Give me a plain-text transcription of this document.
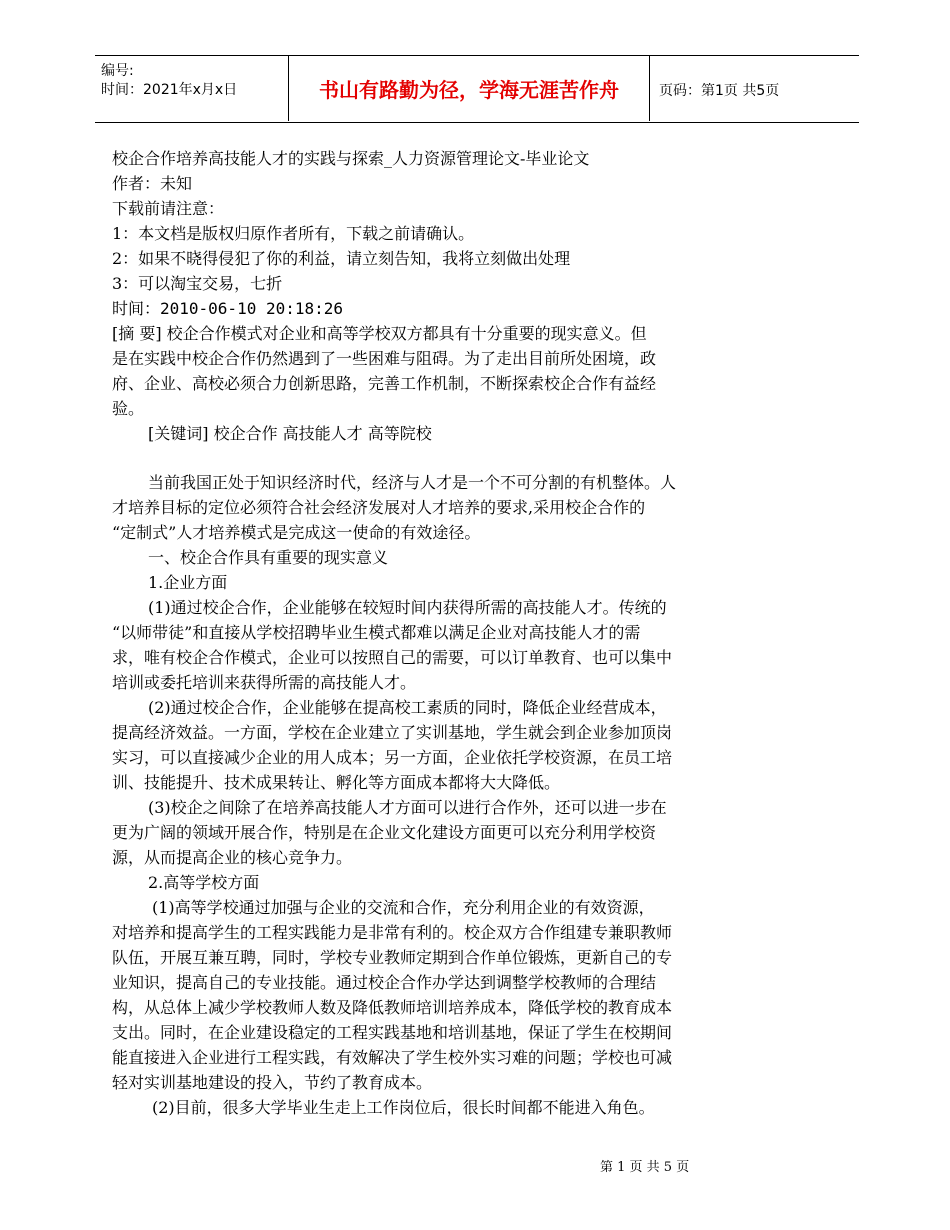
编号:
时间：2021年x月x日	书山有路勤为径，学海无涯苦作舟	页码：第1页 共5页

校企合作培养高技能人才的实践与探索_人力资源管理论文-毕业论文

作者：未知

下载前请注意：

1：本文档是版权归原作者所有，下载之前请确认。

2：如果不晓得侵犯了你的利益，请立刻告知，我将立刻做出处理

3：可以淘宝交易，七折

时间：2010-06-10 20:18:26

[摘 要] 校企合作模式对企业和高等学校双方都具有十分重要的现实意义。但

是在实践中校企合作仍然遇到了一些困难与阻碍。为了走出目前所处困境，政

府、企业、高校必须合力创新思路，完善工作机制，不断探索校企合作有益经

验。

[关键词] 校企合作 高技能人才 高等院校

当前我国正处于知识经济时代，经济与人才是一个不可分割的有机整体。人

才培养目标的定位必须符合社会经济发展对人才培养的要求,采用校企合作的

“定制式”人才培养模式是完成这一使命的有效途径。

一、校企合作具有重要的现实意义

1.企业方面

(1)通过校企合作，企业能够在较短时间内获得所需的高技能人才。传统的

“以师带徒”和直接从学校招聘毕业生模式都难以满足企业对高技能人才的需

求，唯有校企合作模式，企业可以按照自己的需要，可以订单教育、也可以集中

培训或委托培训来获得所需的高技能人才。

(2)通过校企合作，企业能够在提高校工素质的同时，降低企业经营成本，

提高经济效益。一方面，学校在企业建立了实训基地，学生就会到企业参加顶岗

实习，可以直接减少企业的用人成本；另一方面，企业依托学校资源，在员工培

训、技能提升、技术成果转让、孵化等方面成本都将大大降低。

(3)校企之间除了在培养高技能人才方面可以进行合作外，还可以进一步在

更为广阔的领域开展合作，特别是在企业文化建设方面更可以充分利用学校资

源，从而提高企业的核心竞争力。

2.高等学校方面

(1)高等学校通过加强与企业的交流和合作，充分利用企业的有效资源，

对培养和提高学生的工程实践能力是非常有利的。校企双方合作组建专兼职教师

队伍，开展互兼互聘，同时，学校专业教师定期到合作单位锻炼，更新自己的专

业知识，提高自己的专业技能。通过校企合作办学达到调整学校教师的合理结

构，从总体上减少学校教师人数及降低教师培训培养成本，降低学校的教育成本

支出。同时，在企业建设稳定的工程实践基地和培训基地，保证了学生在校期间

能直接进入企业进行工程实践，有效解决了学生校外实习难的问题；学校也可减

轻对实训基地建设的投入，节约了教育成本。

(2)目前，很多大学毕业生走上工作岗位后，很长时间都不能进入角色。

第 1 页 共 5 页
